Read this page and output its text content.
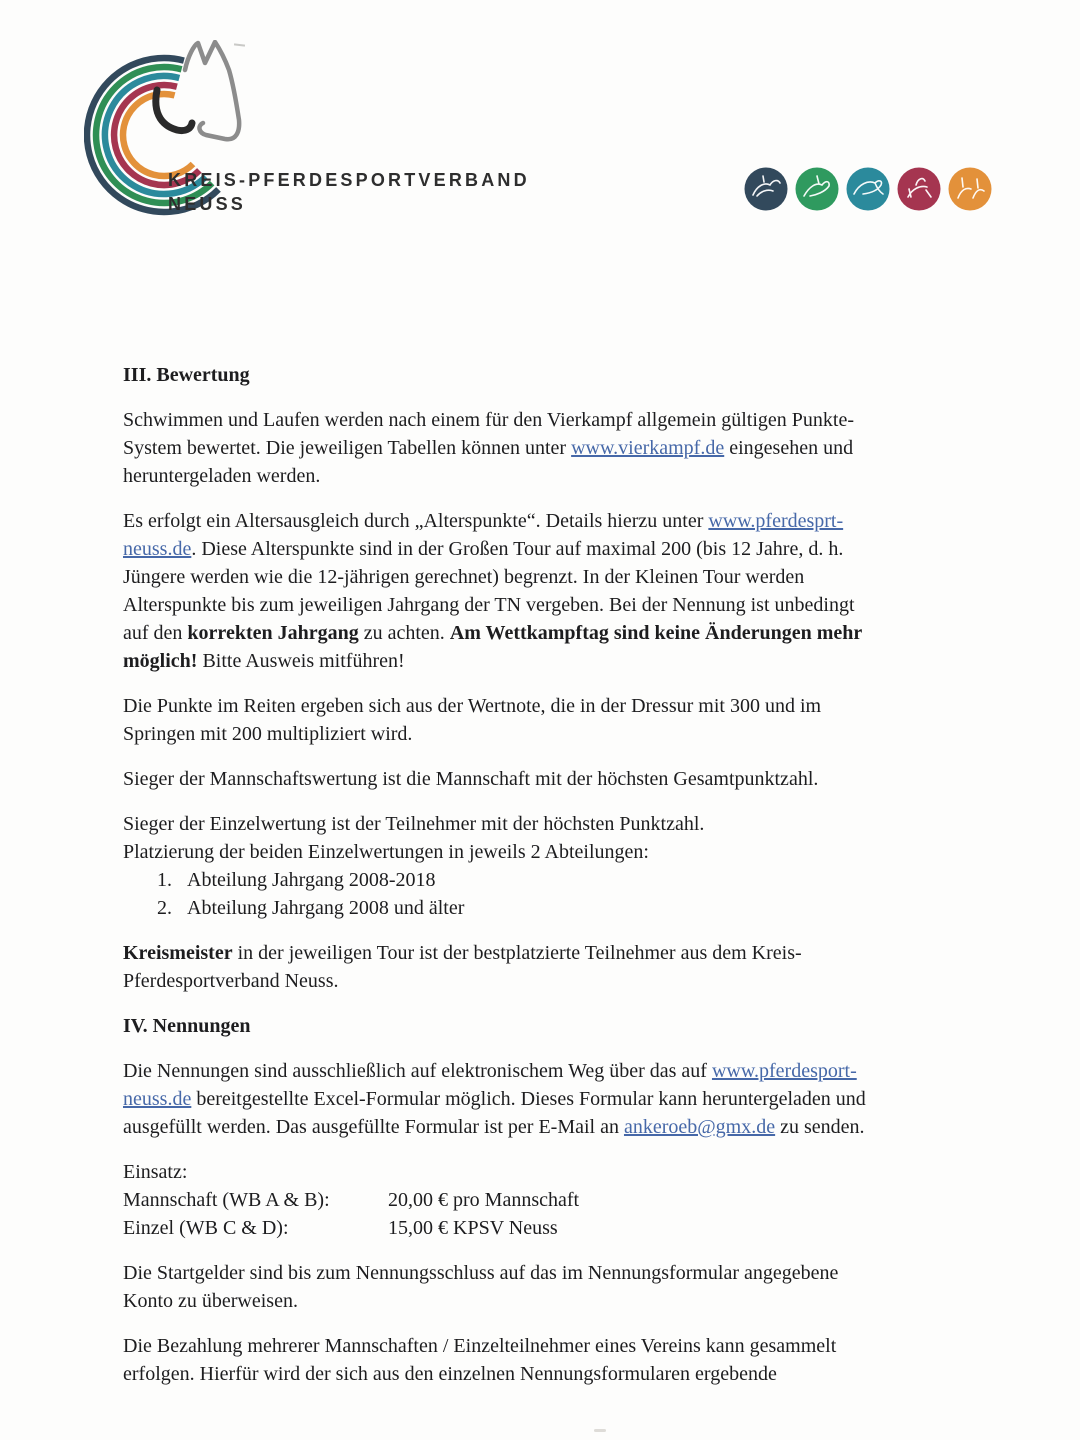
KREIS-PFERDESPORTVERBAND
NEUSS
III. Bewertung

Schwimmen und Laufen werden nach einem für den Vierkampf allgemein gültigen Punkte-
System bewertet. Die jeweiligen Tabellen können unter www.vierkampf.de eingesehen und
heruntergeladen werden.

Es erfolgt ein Altersausgleich durch „Alterspunkte“. Details hierzu unter www.pferdesprt-
neuss.de. Diese Alterspunkte sind in der Großen Tour auf maximal 200 (bis 12 Jahre, d. h.
Jüngere werden wie die 12-jährigen gerechnet) begrenzt. In der Kleinen Tour werden
Alterspunkte bis zum jeweiligen Jahrgang der TN vergeben. Bei der Nennung ist unbedingt
auf den korrekten Jahrgang zu achten. Am Wettkampftag sind keine Änderungen mehr
möglich! Bitte Ausweis mitführen!

Die Punkte im Reiten ergeben sich aus der Wertnote, die in der Dressur mit 300 und im
Springen mit 200 multipliziert wird.

Sieger der Mannschaftswertung ist die Mannschaft mit der höchsten Gesamtpunktzahl.

Sieger der Einzelwertung ist der Teilnehmer mit der höchsten Punktzahl.
Platzierung der beiden Einzelwertungen in jeweils 2 Abteilungen:

1. Abteilung Jahrgang 2008-2018
2. Abteilung Jahrgang 2008 und älter

Kreismeister in der jeweiligen Tour ist der bestplatzierte Teilnehmer aus dem Kreis-
Pferdesportverband Neuss.

IV. Nennungen

Die Nennungen sind ausschließlich auf elektronischem Weg über das auf www.pferdesport-
neuss.de bereitgestellte Excel-Formular möglich. Dieses Formular kann heruntergeladen und
ausgefüllt werden. Das ausgefüllte Formular ist per E-Mail an ankeroeb@gmx.de zu senden.

Einsatz:
Mannschaft (WB A & B):	20,00 € pro Mannschaft
Einzel (WB C & D):	15,00 € KPSV Neuss

Die Startgelder sind bis zum Nennungsschluss auf das im Nennungsformular angegebene
Konto zu überweisen.

Die Bezahlung mehrerer Mannschaften / Einzelteilnehmer eines Vereins kann gesammelt
erfolgen. Hierfür wird der sich aus den einzelnen Nennungsformularen ergebende
